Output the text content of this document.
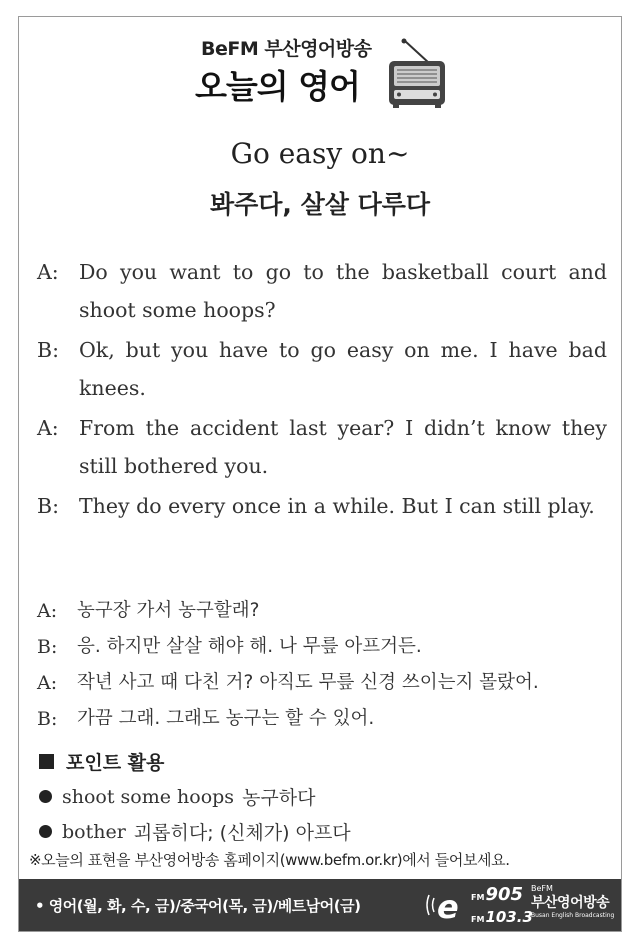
BeFM 부산영어방송
오늘의 영어
Go easy on~
봐주다, 살살 다루다
A: Do you want to go to the basketball court and shoot some hoops?
B: Ok, but you have to go easy on me. I have bad knees.
A: From the accident last year? I didn’t know they still bothered you.
B: They do every once in a while. But I can still play.
A:	농구장 가서 농구할래?
B:	응. 하지만 살살 해야 해. 나 무릎 아프거든.
A:	작년 사고 때 다친 거? 아직도 무릎 신경 쓰이는지 몰랐어.
B:	가끔 그래. 그래도 농구는 할 수 있어.
포인트 활용
shoot some hoops 농구하다
bother 괴롭히다; (신체가) 아프다
※오늘의 표현을 부산영어방송 홈페이지(www.befm.or.kr)에서 들어보세요.
• 영어(월, 화, 수, 금)/중국어(목, 금)/베트남어(금) e FM905
FM103.3
BeFM
부산영어방송
Busan English Broadcasting
